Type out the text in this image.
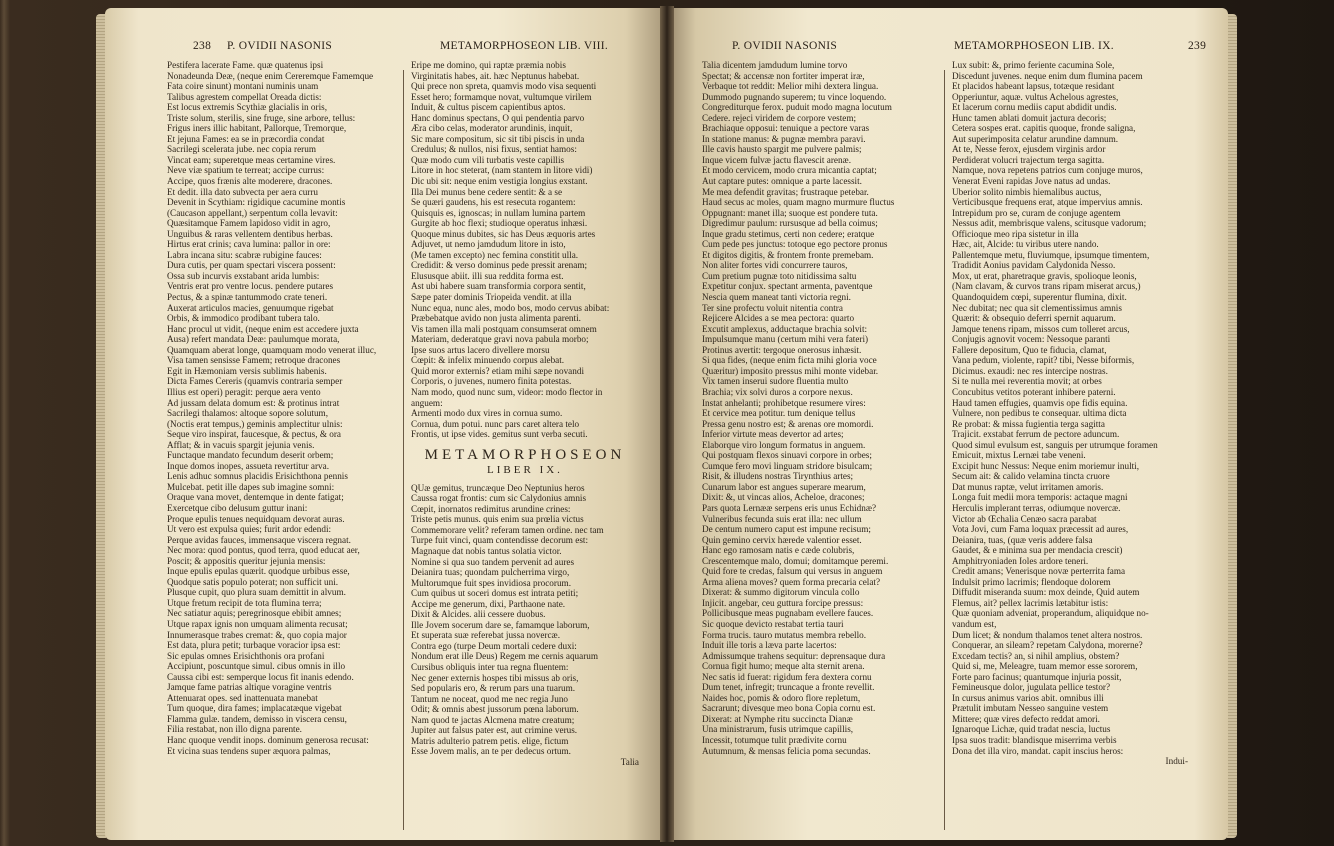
238 P. OVIDII NASONIS	METAMORPHOSEON LIB. VIII.
Pestifera lacerate Fame. quæ quatenus ipsi
Nonadeunda Deæ, (neque enim Cereremque Famemque
Fata coire sinunt) montani numinis unam
Talibus agrestem compellat Oreada dictis:
Est locus extremis Scythiæ glacialis in oris,
Triste solum, sterilis, sine fruge, sine arbore, tellus:
Frigus iners illic habitant, Pallorque, Tremorque,
Et jejuna Fames: ea se in præcordia condat
Sacrilegi scelerata jube. nec copia rerum
Vincat eam; superetque meas certamine vires.
Neve viæ spatium te terreat; accipe currus:
Accipe, quos frænis alte moderere, dracones.
Et dedit. illa dato subvecta per aera curru
Devenit in Scythiam: rigidique cacumine montis
(Caucason appellant,) serpentum colla levavit:
Quæsitamque Famem lapidoso vidit in agro,
Unguibus & raras vellentem dentibus herbas.
Hirtus erat crinis; cava lumina: pallor in ore:
Labra incana situ: scabræ rubigine fauces:
Dura cutis, per quam spectari viscera possent:
Ossa sub incurvis exstabant arida lumbis:
Ventris erat pro ventre locus. pendere putares
Pectus, & a spinæ tantummodo crate teneri.
Auxerat articulos macies, genuumque rigebat
Orbis, & immodico prodibant tubera talo.
Hanc procul ut vidit, (neque enim est accedere juxta
Ausa) refert mandata Deæ: paulumque morata,
Quamquam aberat longe, quamquam modo venerat illuc,
Visa tamen sensisse Famem; retroque dracones
Egit in Hæmoniam versis sublimis habenis.
Dicta Fames Cereris (quamvis contraria semper
Illius est operi) peragit: perque aera vento
Ad jussam delata domum est: & protinus intrat
Sacrilegi thalamos: altoque sopore solutum,
(Noctis erat tempus,) geminis amplectitur ulnis:
Seque viro inspirat, faucesque, & pectus, & ora
Afflat; & in vacuis spargit jejunia venis.
Functaque mandato fecundum deserit orbem;
Inque domos inopes, assueta revertitur arva.
Lenis adhuc somnus placidis Erisichthona pennis
Mulcebat. petit ille dapes sub imagine somni:
Oraque vana movet, dentemque in dente fatigat;
Exercetque cibo delusum guttur inani:
Proque epulis tenues nequidquam devorat auras.
Ut vero est expulsa quies; furit ardor edendi:
Perque avidas fauces, immensaque viscera regnat.
Nec mora: quod pontus, quod terra, quod educat aer,
Poscit; & appositis queritur jejunia mensis:
Inque epulis epulas quærit. quodque urbibus esse,
Quodque satis populo poterat; non sufficit uni.
Plusque cupit, quo plura suam demittit in alvum.
Utque fretum recipit de tota flumina terra;
Nec satiatur aquis; peregrinosque ebibit amnes;
Utque rapax ignis non umquam alimenta recusat;
Innumerasque trabes cremat: &, quo copia major
Est data, plura petit; turbaque voracior ipsa est:
Sic epulas omnes Erisichthonis ora profani
Accipiunt, poscuntque simul. cibus omnis in illo
Caussa cibi est: semperque locus fit inanis edendo.
Jamque fame patrias altique voragine ventris
Attenuarat opes. sed inattenuata manebat
Tum quoque, dira fames; implacatæque vigebat
Flamma gulæ. tandem, demisso in viscera censu,
Filia restabat, non illo digna parente.
Hanc quoque vendit inops. dominum generosa recusat:
Et vicina suas tendens super æquora palmas,
Eripe me domino, qui raptæ præmia nobis
Virginitatis habes, ait. hæc Neptunus habebat.
Qui prece non spreta, quamvis modo visa sequenti
Esset hero; formamque novat, vultumque virilem
Induit, & cultus piscem capientibus aptos.
Hanc dominus spectans, O qui pendentia parvo
Æra cibo celas, moderator arundinis, inquit,
Sic mare compositum, sic sit tibi piscis in unda
Credulus; & nullos, nisi fixus, sentiat hamos:
Quæ modo cum vili turbatis veste capillis
Litore in hoc steterat, (nam stantem in litore vidi)
Dic ubi sit: neque enim vestigia longius exstant.
Illa Dei munus bene cedere sentit: & a se
Se quæri gaudens, his est resecuta rogantem:
Quisquis es, ignoscas; in nullam lumina partem
Gurgite ab hoc flexi; studioque operatus inhæsi.
Quoque minus dubites, sic has Deus æquoris artes
Adjuvet, ut nemo jamdudum litore in isto,
(Me tamen excepto) nec femina constitit ulla.
Credidit: & verso dominus pede pressit arenam;
Elususque abiit. illi sua reddita forma est.
Ast ubi habere suam transformia corpora sentit,
Sæpe pater dominis Triopeida vendit. at illa
Nunc equa, nunc ales, modo bos, modo cervus abibat:
Præbebatque avido non justa alimenta parenti.
Vis tamen illa mali postquam consumserat omnem
Materiam, dederatque gravi nova pabula morbo;
Ipse suos artus lacero divellere morsu
Cœpit: & infelix minuendo corpus alebat.
Quid moror externis? etiam mihi sæpe novandi
Corporis, o juvenes, numero finita potestas.
Nam modo, quod nunc sum, videor: modo flector in
anguem:
Armenti modo dux vires in cornua sumo.
Cornua, dum potui. nunc pars caret altera telo
Frontis, ut ipse vides. gemitus sunt verba secuti.
METAMORPHOSEON
LIBER IX.
QUæ gemitus, truncæque Deo Neptunius heros
Caussa rogat frontis: cum sic Calydonius amnis
Cœpit, inornatos redimitus arundine crines:
Triste petis munus. quis enim sua prœlia victus
Commemorare velit? referam tamen ordine. nec tam
Turpe fuit vinci, quam contendisse decorum est:
Magnaque dat nobis tantus solatia victor.
Nomine si qua suo tandem pervenit ad aures
Deianira tuas; quondam pulcherrima virgo,
Multorumque fuit spes invidiosa procorum.
Cum quibus ut soceri domus est intrata petiti;
Accipe me generum, dixi, Parthaone nate.
Dixit & Alcides. alii cessere duobus.
Ille Jovem socerum dare se, famamque laborum,
Et superata suæ referebat jussa novercæ.
Contra ego (turpe Deum mortali cedere duxi:
Nondum erat ille Deus) Regem me cernis aquarum
Cursibus obliquis inter tua regna fluentem:
Nec gener externis hospes tibi missus ab oris,
Sed popularis ero, & rerum pars una tuarum.
Tantum ne noceat, quod me nec regia Juno
Odit; & omnis abest jussorum pœna laborum.
Nam quod te jactas Alcmena matre creatum;
Jupiter aut falsus pater est, aut crimine verus.
Matris adulterio patrem petis. elige, fictum
Esse Jovem malis, an te per dedecus ortum.
Talia
P. OVIDII NASONIS	METAMORPHOSEON LIB. IX.	239
Talia dicentem jamdudum lumine torvo
Spectat; & accensæ non fortiter imperat iræ,
Verbaque tot reddit: Melior mihi dextera lingua.
Dummodo pugnando superem; tu vince loquendo.
Congrediturque ferox. puduit modo magna locutum
Cedere. rejeci viridem de corpore vestem;
Brachiaque opposui: tenuique a pectore varas
In statione manus: & pugnæ membra paravi.
Ille cavis hausto spargit me pulvere palmis;
Inque vicem fulvæ jactu flavescit arenæ.
Et modo cervicem, modo crura micantia captat;
Aut captare putes: omnique a parte lacessit.
Me mea defendit gravitas; frustraque petebar.
Haud secus ac moles, quam magno murmure fluctus
Oppugnant: manet illa; suoque est pondere tuta.
Digredimur paulum: rursusque ad bella coimus;
Inque gradu stetimus, certi non cedere; eratque
Cum pede pes junctus: totoque ego pectore pronus
Et digitos digitis, & frontem fronte premebam.
Non aliter fortes vidi concurrere tauros,
Cum pretium pugnæ toto nitidissima saltu
Expetitur conjux. spectant armenta, paventque
Nescia quem maneat tanti victoria regni.
Ter sine profectu voluit nitentia contra
Rejicere Alcides a se mea pectora: quarto
Excutit amplexus, adductaque brachia solvit:
Impulsumque manu (certum mihi vera fateri)
Protinus avertit: tergoque onerosus inhæsit.
Si qua fides, (neque enim ficta mihi gloria voce
Quæritur) imposito pressus mihi monte videbar.
Vix tamen inserui sudore fluentia multo
Brachia; vix solvi duros a corpore nexus.
Instat anhelanti; prohibetque resumere vires:
Et cervice mea potitur. tum denique tellus
Pressa genu nostro est; & arenas ore momordi.
Inferior virtute meas devertor ad artes;
Elaborque viro longum formatus in anguem.
Qui postquam flexos sinuavi corpore in orbes;
Cumque fero movi linguam stridore bisulcam;
Risit, & illudens nostras Tirynthius artes;
Cunarum labor est angues superare mearum,
Dixit: &, ut vincas alios, Acheloe, dracones;
Pars quota Lernææ serpens eris unus Echidnæ?
Vulneribus fecunda suis erat illa: nec ullum
De centum numero caput est impune recisum;
Quin gemino cervix hærede valentior esset.
Hanc ego ramosam natis e cæde colubris,
Crescentemque malo, domui; domitamque peremi.
Quid fore te credas, falsum qui versus in anguem
Arma aliena moves? quem forma precaria celat?
Dixerat: & summo digitorum vincula collo
Injicit. angebar, ceu guttura forcipe pressus:
Pollicibusque meas pugnabam evellere fauces.
Sic quoque devicto restabat tertia tauri
Forma trucis. tauro mutatus membra rebello.
Induit ille toris a læva parte lacertos:
Admissumque trahens sequitur: deprensaque dura
Cornua figit humo; meque alta sternit arena.
Nec satis id fuerat: rigidum fera dextera cornu
Dum tenet, infregit; truncaque a fronte revellit.
Naides hoc, pomis & odoro flore repletum,
Sacrarunt; divesque meo bona Copia cornu est.
Dixerat: at Nymphe ritu succincta Dianæ
Una ministrarum, fusis utrimque capillis,
Incessit, totumque tulit prædivite cornu
Autumnum, & mensas felicia poma secundas.
Lux subit: &, primo feriente cacumina Sole,
Discedunt juvenes. neque enim dum flumina pacem
Et placidos habeant lapsus, totæque residant
Opperiuntur, aquæ. vultus Achelous agrestes,
Et lacerum cornu mediis caput abdidit undis.
Hunc tamen ablati domuit jactura decoris;
Cetera sospes erat. capitis quoque, fronde saligna,
Aut superimposita celatur arundine damnum.
At te, Nesse ferox, ejusdem virginis ardor
Perdiderat volucri trajectum terga sagitta.
Namque, nova repetens patrios cum conjuge muros,
Venerat Eveni rapidas Jove natus ad undas.
Uberior solito nimbis hiemalibus auctus,
Verticibusque frequens erat, atque impervius amnis.
Intrepidum pro se, curam de conjuge agentem
Nessus adit, membrisque valens, scitusque vadorum;
Officioque meo ripa sistetur in illa
Hæc, ait, Alcide: tu viribus utere nando.
Pallentemque metu, fluviumque, ipsumque timentem,
Tradidit Aonius pavidam Calydonida Nesso.
Mox, ut erat, pharetraque gravis, spolioque leonis,
(Nam clavam, & curvos trans ripam miserat arcus,)
Quandoquidem cœpi, superentur flumina, dixit.
Nec dubitat; nec qua sit clementissimus amnis
Quærit: & obsequio deferri spernit aquarum.
Jamque tenens ripam, missos cum tolleret arcus,
Conjugis agnovit vocem: Nessoque paranti
Fallere depositum, Quo te fiducia, clamat,
Vana pedum, violente, rapit? tibi, Nesse biformis,
Dicimus. exaudi: nec res intercipe nostras.
Si te nulla mei reverentia movit; at orbes
Concubitus vetitos poterant inhibere paterni.
Haud tamen effugies, quamvis ope fidis equina.
Vulnere, non pedibus te consequar. ultima dicta
Re probat: & missa fugientia terga sagitta
Trajicit. exstabat ferrum de pectore aduncum.
Quod simul evulsum est, sanguis per utrumque foramen
Emicuit, mixtus Lernæi tabe veneni.
Excipit hunc Nessus: Neque enim moriemur inulti,
Secum ait: & calido velamina tincta cruore
Dat munus raptæ, velut irritamen amoris.
Longa fuit medii mora temporis: actaque magni
Herculis implerant terras, odiumque novercæ.
Victor ab Œchalia Cenæo sacra parabat
Vota Jovi, cum Fama loquax præcessit ad aures,
Deianira, tuas, (quæ veris addere falsa
Gaudet, & e minima sua per mendacia crescit)
Amphitryoniaden Ioles ardore teneri.
Credit amans; Venerisque novæ perterrita fama
Indulsit primo lacrimis; flendoque dolorem
Diffudit miseranda suum: mox deinde, Quid autem
Flemus, ait? pellex lacrimis lætabitur istis:
Quæ quoniam adveniat, properandum, aliquidque no-
vandum est,
Dum licet; & nondum thalamos tenet altera nostros.
Conquerar, an sileam? repetam Calydona, morerne?
Excedam tectis? an, si nihil amplius, obstem?
Quid si, me, Meleagre, tuam memor esse sororem,
Forte paro facinus; quantumque injuria possit,
Femineusque dolor, jugulata pellice testor?
In cursus animus varios abit. omnibus illi
Prætulit imbutam Nesseo sanguine vestem
Mittere; quæ vires defecto reddat amori.
Ignaroque Lichæ, quid tradat nescia, luctus
Ipsa suos tradit: blandisque miserrima verbis
Dona det illa viro, mandat. capit inscius heros:
Indui-
